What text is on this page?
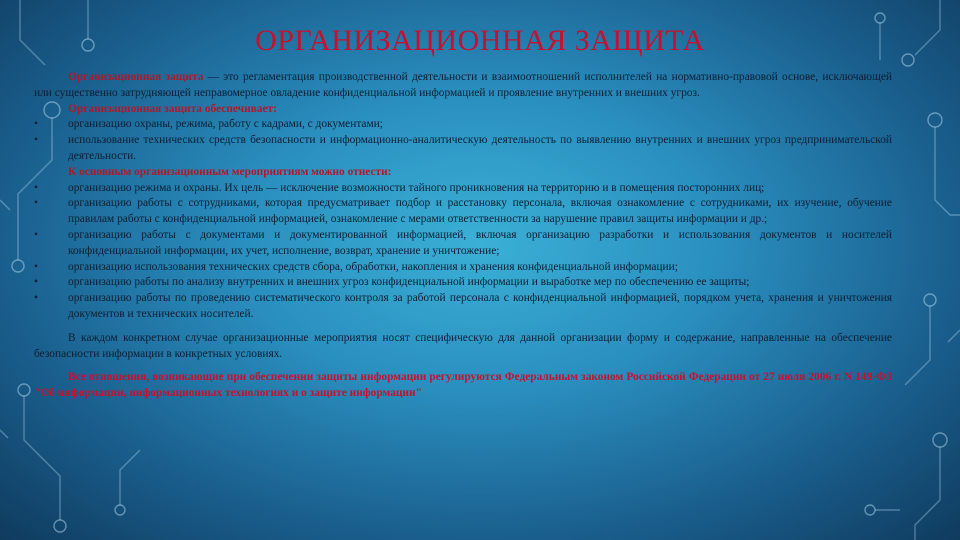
ОРГАНИЗАЦИОННАЯ ЗАЩИТА

Организационная защита — это регламентация производственной деятельности и взаимоотношений исполнителей на нормативно-правовой основе, исключающей или существенно затрудняющей неправомерное овладение конфиденциальной информацией и проявление внутренних и внешних угроз.

Организационная защита обеспечивает:

•	организацию охраны, режима, работу с кадрами, с документами;
•	использование технических средств безопасности и информационно-аналитическую деятельность по выявлению внутренних и внешних угроз предпринимательской деятельности.

К основным организационным мероприятиям можно отнести:

•	организацию режима и охраны. Их цель — исключение возможности тайного проникновения на территорию и в помещения посторонних лиц;
•	организацию работы с сотрудниками, которая предусматривает подбор и расстановку персонала, включая ознакомление с сотрудниками, их изучение, обучение правилам работы с конфиденциальной информацией, ознакомление с мерами ответственности за нарушение правил защиты информации и др.;
•	организацию работы с документами и документированной информацией, включая организацию разработки и использования документов и носителей конфиденциальной информации, их учет, исполнение, возврат, хранение и уничтожение;
•	организацию использования технических средств сбора, обработки, накопления и хранения конфиденциальной информации;
•	организацию работы по анализу внутренних и внешних угроз конфиденциальной информации и выработке мер по обеспечению ее защиты;
•	организацию работы по проведению систематического контроля за работой персонала с конфиденциальной информацией, порядком учета, хранения и уничтожения документов и технических носителей.

В каждом конкретном случае организационные мероприятия носят специфическую для данной организации форму и содержание, направленные на обеспечение безопасности информации в конкретных условиях.

Все отношения, возникающие при обеспечении защиты информации регулируются Федеральным законом Российской Федерации от 27 июля 2006 г. N 149-ФЗ "Об информации, информационных технологиях и о защите информации"
